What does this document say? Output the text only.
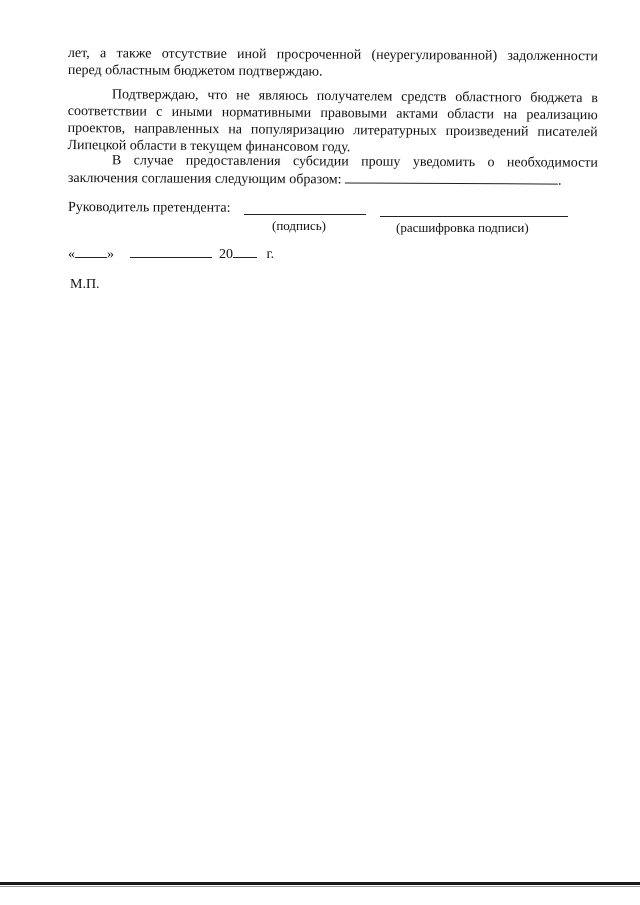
лет, а также отсутствие иной просроченной (неурегулированной) задолженности
перед областным бюджетом подтверждаю.
Подтверждаю, что не являюсь получателем средств областного бюджета в
соответствии с иными нормативными правовыми актами области на реализацию
проектов, направленных на популяризацию литературных произведений писателей
Липецкой области в текущем финансовом году.
В случае предоставления субсидии прошу уведомить о необходимости
заключения соглашения следующим образом:	.
Руководитель претендента:
(подпись)	(расшифровка подписи)
« »	20 г.
М.П.
